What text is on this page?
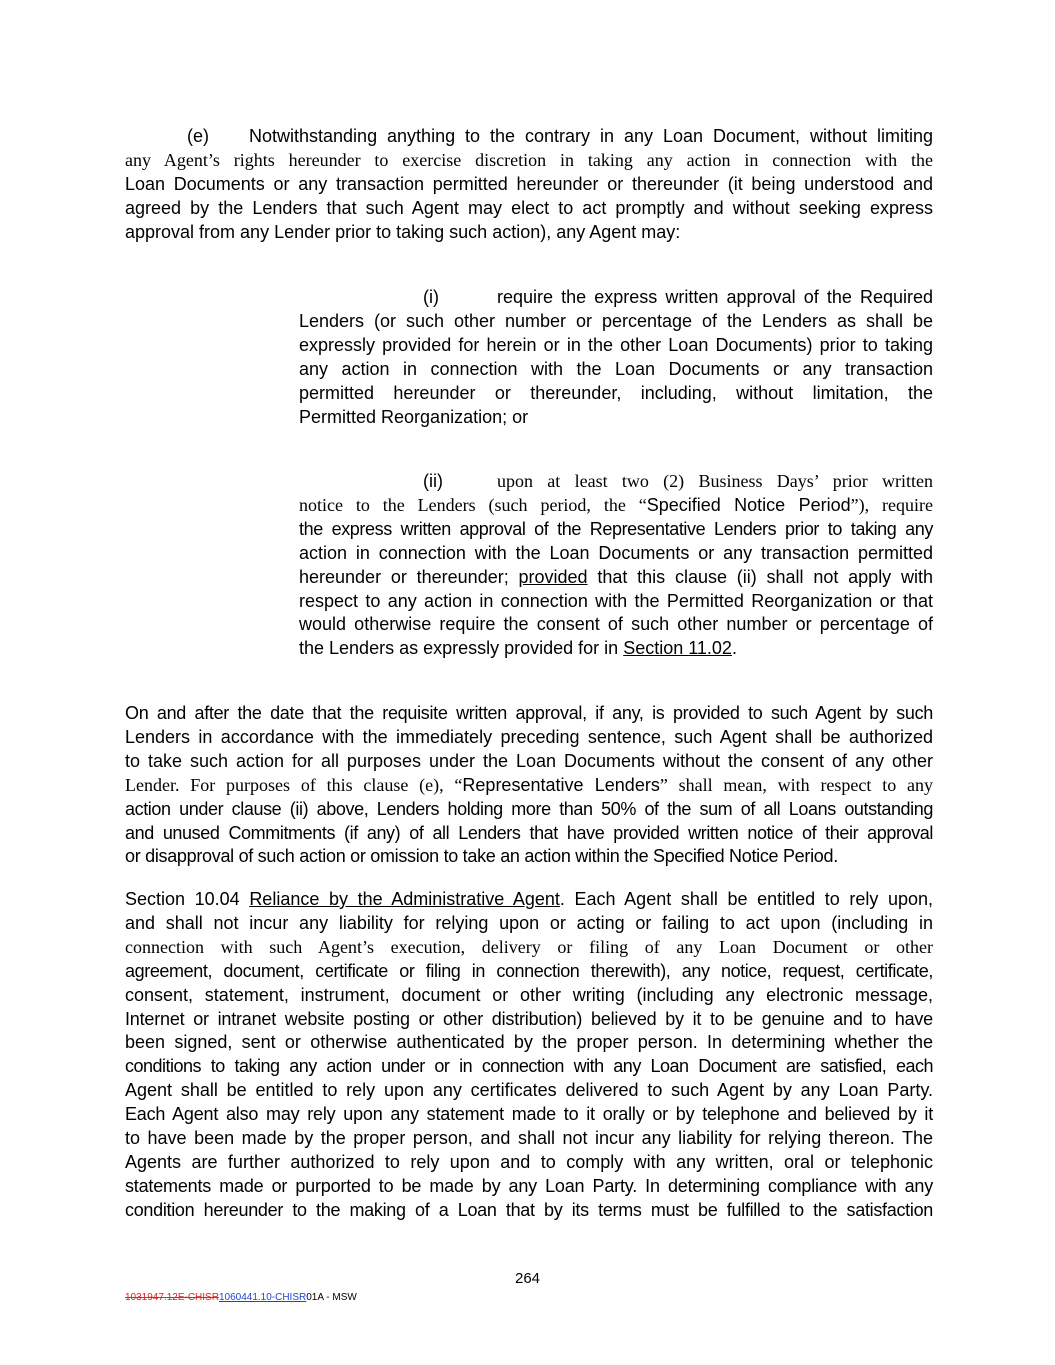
(e) Notwithstanding anything to the contrary in any Loan Document, without limiting
any Agent’s rights hereunder to exercise discretion in taking any action in connection with the
Loan Documents or any transaction permitted hereunder or thereunder (it being understood and
agreed by the Lenders that such Agent may elect to act promptly and without seeking express
approval from any Lender prior to taking such action), any Agent may:
(i)	require the express written approval of the Required
Lenders (or such other number or percentage of the Lenders as shall be
expressly provided for herein or in the other Loan Documents) prior to taking
any action in connection with the Loan Documents or any transaction
permitted hereunder or thereunder, including, without limitation, the
Permitted Reorganization; or
(ii)	upon at least two (2) Business Days’ prior written
notice to the Lenders (such period, the “Specified Notice Period”), require
the express written approval of the Representative Lenders prior to taking any
action in connection with the Loan Documents or any transaction permitted
hereunder or thereunder; provided that this clause (ii) shall not apply with
respect to any action in connection with the Permitted Reorganization or that
would otherwise require the consent of such other number or percentage of
the Lenders as expressly provided for in Section 11.02.
On and after the date that the requisite written approval, if any, is provided to such Agent by such
Lenders in accordance with the immediately preceding sentence, such Agent shall be authorized
to take such action for all purposes under the Loan Documents without the consent of any other
Lender. For purposes of this clause (e), “Representative Lenders” shall mean, with respect to any
action under clause (ii) above, Lenders holding more than 50% of the sum of all Loans outstanding
and unused Commitments (if any) of all Lenders that have provided written notice of their approval
or disapproval of such action or omission to take an action within the Specified Notice Period.
Section 10.04 Reliance by the Administrative Agent. Each Agent shall be entitled to rely upon,
and shall not incur any liability for relying upon or acting or failing to act upon (including in
connection with such Agent’s execution, delivery or filing of any Loan Document or other
agreement, document, certificate or filing in connection therewith), any notice, request, certificate,
consent, statement, instrument, document or other writing (including any electronic message,
Internet or intranet website posting or other distribution) believed by it to be genuine and to have
been signed, sent or otherwise authenticated by the proper person. In determining whether the
conditions to taking any action under or in connection with any Loan Document are satisfied, each
Agent shall be entitled to rely upon any certificates delivered to such Agent by any Loan Party.
Each Agent also may rely upon any statement made to it orally or by telephone and believed by it
to have been made by the proper person, and shall not incur any liability for relying thereon. The
Agents are further authorized to rely upon and to comply with any written, oral or telephonic
statements made or purported to be made by any Loan Party. In determining compliance with any
condition hereunder to the making of a Loan that by its terms must be fulfilled to the satisfaction
264
1031947.12E-CHISR1060441.10-CHISR01A - MSW
